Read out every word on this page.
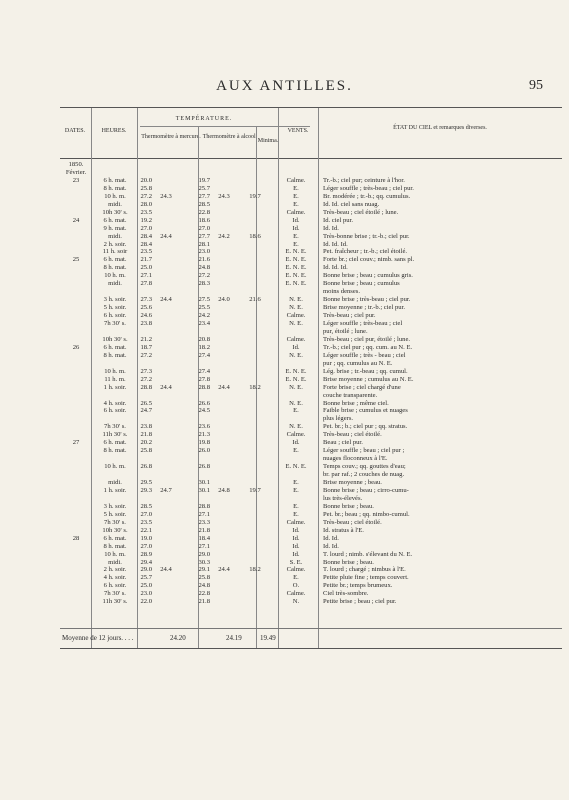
AUX ANTILLES.	95
DATES.	HEURES.
TEMPÉRATURE.
Thermomètre à mercure. Thermomètre à alcool.
Minima.
VENTS.	ÉTAT DU CIEL et remarques diverses.
1850.
Février.
23	6 h. mat.	20.0	19.7	Calme.	Tr.-b.; ciel pur; ceinture à l'hor.
8 h. mat.	25.8	25.7	E.	Léger souffle ; très-beau ; ciel pur.
10 h. m.	27.2	24.3	27.7	24.3	19.7	E.	Br. modérée ; tr.-b.; qq. cumulus.
midi.	28.0	28.5	E.	Id. Id. ciel sans nuag.
10h 30' s.	23.5	22.8	Calme.	Très-beau ; ciel étoilé ; lune.
24	6 h. mat.	19.2	18.6	Id.	Id. ciel pur.
9 h. mat.	27.0	27.0	Id.	Id. Id.
midi.	28.4	24.4	27.7	24.2	18.6	E.	Très-bonne brise ; tr.-b.; ciel pur.
2 h. soir.	28.4	28.1	E.	Id. Id. Id.
11 h. soir	23.5	23.0	E. N. E.	Pet. fraîcheur ; tr.-b.; ciel étoilé.
25	6 h. mat.	21.7	21.6	E. N. E.	Forte br.; ciel couv.; nimb. sans pl.
8 h. mat.	25.0	24.8	E. N. E.	Id. Id. Id.
10 h. m.	27.1	27.2	E. N. E.	Bonne brise ; beau ; cumulus gris.
midi.	27.8	28.3	E. N. E.	Bonne brise ; beau ; cumulus
moins denses.
3 h. soir.	27.3	24.4	27.5	24.0	21.6	N. E.	Bonne brise ; très-beau ; ciel pur.
5 h. soir.	25.6	25.5	N. E.	Brise moyenne ; tr.-b.; ciel pur.
6 h. soir.	24.6	24.2	Calme.	Très-beau ; ciel pur.
7h 30' s.	23.8	23.4	N. E.	Léger souffle ; très-beau ; ciel
pur, étoilé ; lune.
10h 30' s.	21.2	20.8	Calme.	Très-beau ; ciel pur, étoilé ; lune.
26	6 h. mat.	18.7	18.2	Id.	Tr.-b.; ciel pur ; qq. cum. au N. E.
8 h. mat.	27.2	27.4	N. E.	Léger souffle ; très - beau ; ciel
pur ; qq. cumulus au N. E.
10 h. m.	27.3	27.4	E. N. E.	Lég. brise ; tr.-beau ; qq. cumul.
11 h. m.	27.2	27.8	E. N. E.	Brise moyenne ; cumulus au N. E.
1 h. soir.	28.8	24.4	28.8	24.4	18.2	N. E.	Forte brise ; ciel chargé d'une
couche transparente.
4 h. soir.	26.5	26.6	N. E.	Bonne brise ; même ciel.
6 h. soir.	24.7	24.5	E.	Faible brise ; cumulus et nuages
plus légers.
7h 30' s.	23.8	23.6	N. E.	Pet. br.; b.; ciel pur ; qq. stratus.
11h 30' s.	21.8	21.3	Calme.	Très-beau ; ciel étoilé.
27	6 h. mat.	20.2	19.8	Id.	Beau ; ciel pur.
8 h. mat.	25.8	26.0	E.	Léger souffle ; beau ; ciel pur ;
nuages floconneux à l'E.
10 h. m.	26.8	26.8	E. N. E.	Temps couv.; qq. gouttes d'eau;
br. par raf.; 2 couches de nuag.
midi.	29.5	30.1	E.	Brise moyenne ; beau.
1 h. soir.	29.3	24.7	30.1	24.8	19.7	E.	Bonne brise ; beau ; cirro-cumu-
lus très-élevés.
3 h. soir.	28.5	28.8	E.	Bonne brise ; beau.
5 h. soir.	27.0	27.1	E.	Pet. br.; beau ; qq. nimbo-cumul.
7h 30' s.	23.5	23.3	Calme.	Très-beau ; ciel étoilé.
10h 30' s.	22.1	21.8	Id.	Id. stratus à l'E.
28	6 h. mat.	19.0	18.4	Id.	Id. Id.
8 h. mat.	27.0	27.1	Id.	Id. Id.
10 h. m.	28.9	29.0	Id.	T. lourd ; nimb. s'élevant du N. E.
midi.	29.4	30.3	S. E.	Bonne brise ; beau.
2 h. soir.	29.0	24.4	29.1	24.4	18.2	Calme.	T. lourd ; chargé ; nimbus à l'E.
4 h. soir.	25.7	25.8	E.	Petite pluie fine ; temps couvert.
6 h. soir.	25.0	24.8	O.	Petite br.; temps brumeux.
7h 30' s.	23.0	22.8	Calme.	Ciel très-sombre.
11h 30' s.	22.0	21.8	N.	Petite brise ; beau ; ciel pur.
Moyenne de 12 jours. . . .	24.20	24.19	19.49
